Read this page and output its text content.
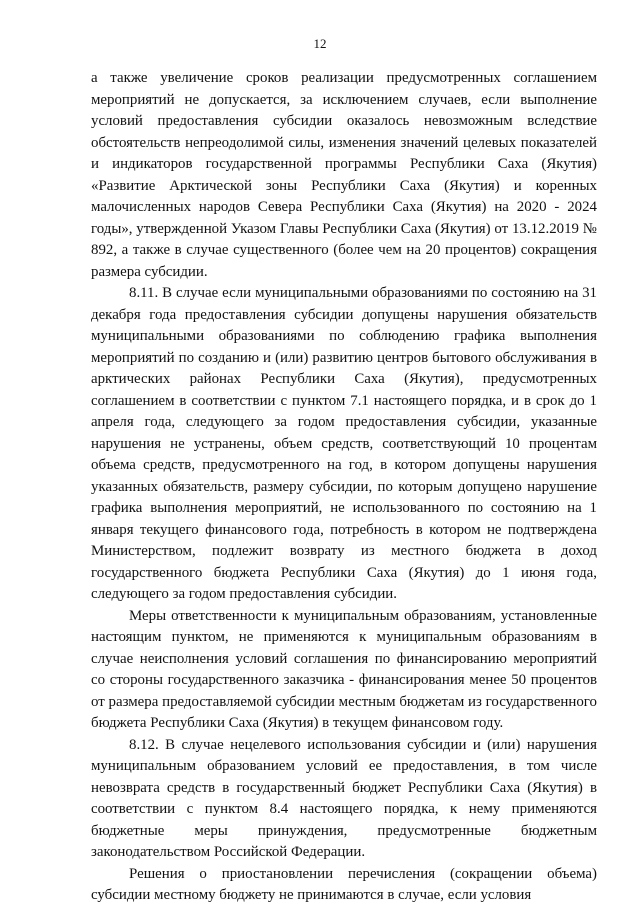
12

а также увеличение сроков реализации предусмотренных соглашением мероприятий не допускается, за исключением случаев, если выполнение условий предоставления субсидии оказалось невозможным вследствие обстоятельств непреодолимой силы, изменения значений целевых показателей и индикаторов государственной программы Республики Саха (Якутия) «Развитие Арктической зоны Республики Саха (Якутия) и коренных малочисленных народов Севера Республики Саха (Якутия) на 2020 - 2024 годы», утвержденной Указом Главы Республики Саха (Якутия) от 13.12.2019 № 892, а также в случае существенного (более чем на 20 процентов) сокращения размера субсидии.

8.11. В случае если муниципальными образованиями по состоянию на 31 декабря года предоставления субсидии допущены нарушения обязательств муниципальными образованиями по соблюдению графика выполнения мероприятий по созданию и (или) развитию центров бытового обслуживания в арктических районах Республики Саха (Якутия), предусмотренных соглашением в соответствии с пунктом 7.1 настоящего порядка, и в срок до 1 апреля года, следующего за годом предоставления субсидии, указанные нарушения не устранены, объем средств, соответствующий 10 процентам объема средств, предусмотренного на год, в котором допущены нарушения указанных обязательств, размеру субсидии, по которым допущено нарушение графика выполнения мероприятий, не использованного по состоянию на 1 января текущего финансового года, потребность в котором не подтверждена Министерством, подлежит возврату из местного бюджета в доход государственного бюджета Республики Саха (Якутия) до 1 июня года, следующего за годом предоставления субсидии.

Меры ответственности к муниципальным образованиям, установленные настоящим пунктом, не применяются к муниципальным образованиям в случае неисполнения условий соглашения по финансированию мероприятий со стороны государственного заказчика - финансирования менее 50 процентов от размера предоставляемой субсидии местным бюджетам из государственного бюджета Республики Саха (Якутия) в текущем финансовом году.

8.12. В случае нецелевого использования субсидии и (или) нарушения муниципальным образованием условий ее предоставления, в том числе невозврата средств в государственный бюджет Республики Саха (Якутия) в соответствии с пунктом 8.4 настоящего порядка, к нему применяются бюджетные меры принуждения, предусмотренные бюджетным законодательством Российской Федерации.

Решения о приостановлении перечисления (сокращении объема) субсидии местному бюджету не принимаются в случае, если условия
